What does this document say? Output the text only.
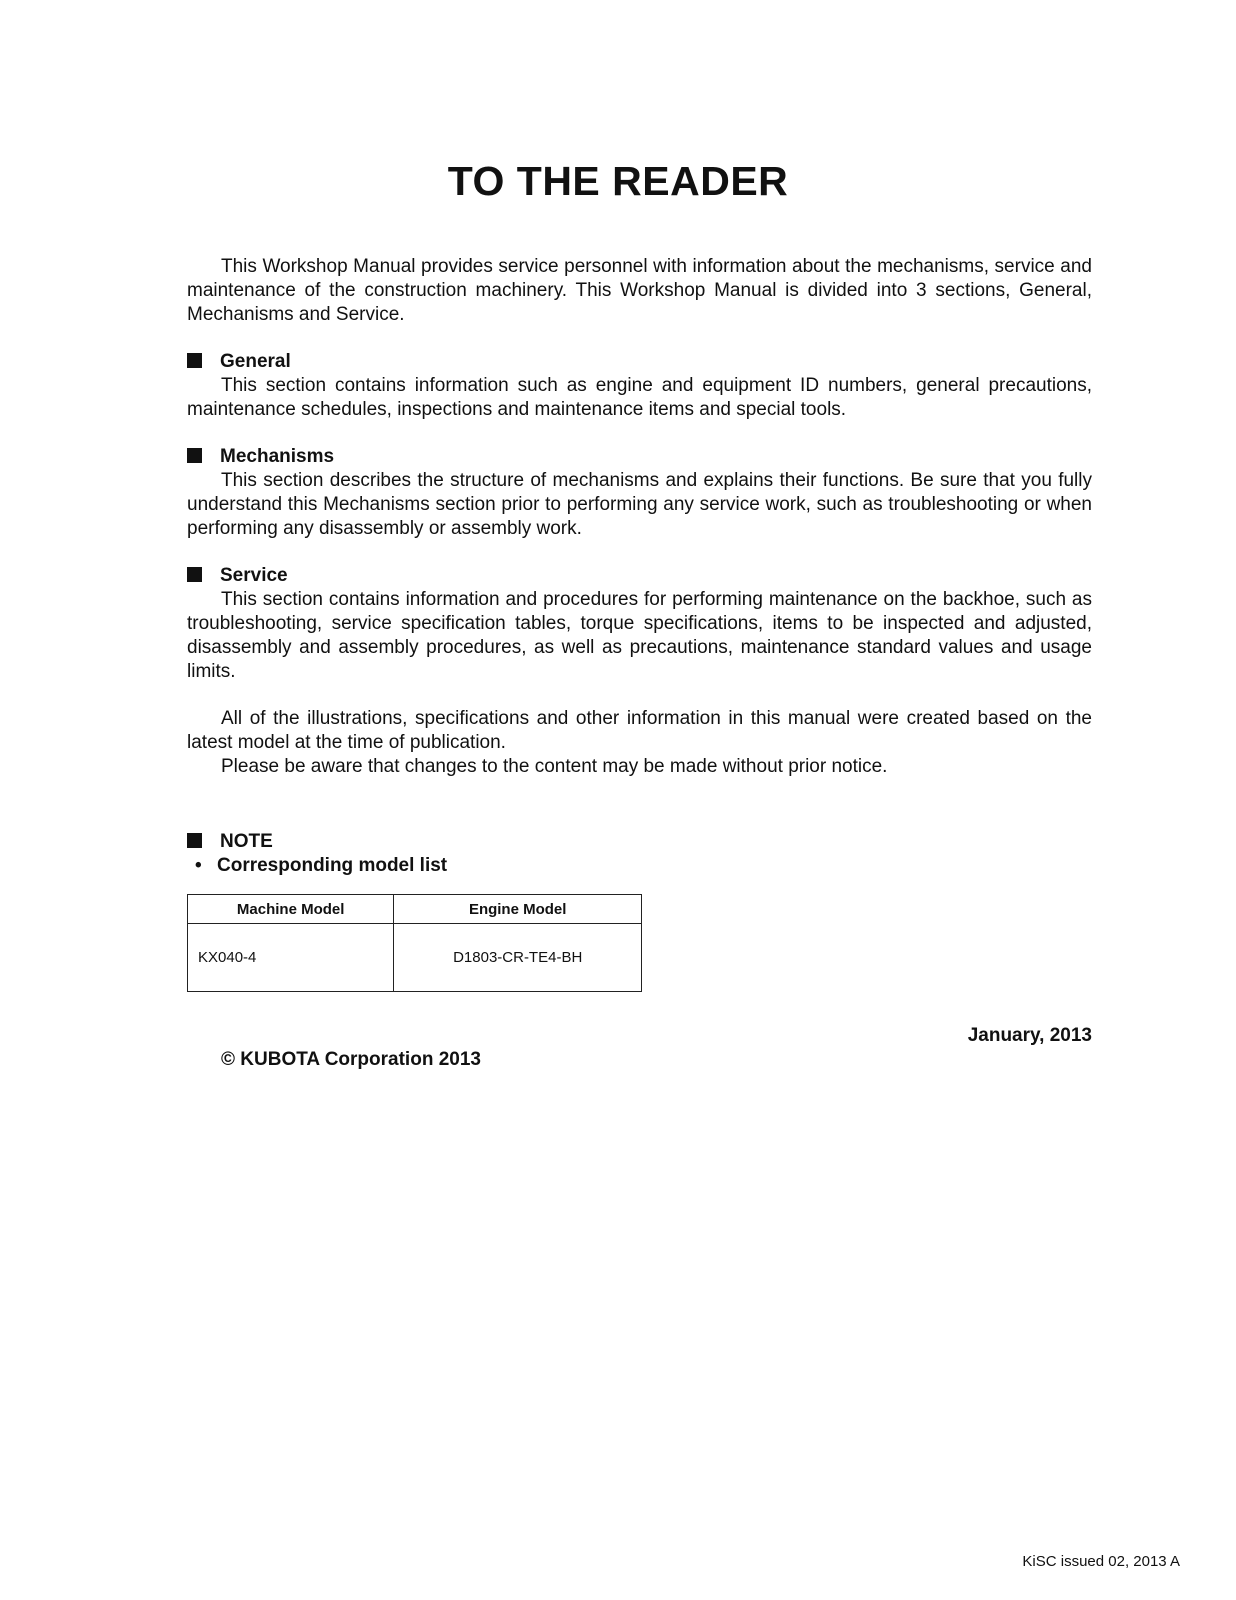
TO THE READER

This Workshop Manual provides service personnel with information about the mechanisms, service and maintenance of the construction machinery. This Workshop Manual is divided into 3 sections, General, Mechanisms and Service.

General

This section contains information such as engine and equipment ID numbers, general precautions, maintenance schedules, inspections and maintenance items and special tools.

Mechanisms

This section describes the structure of mechanisms and explains their functions. Be sure that you fully understand this Mechanisms section prior to performing any service work, such as troubleshooting or when performing any disassembly or assembly work.

Service

This section contains information and procedures for performing maintenance on the backhoe, such as troubleshooting, service specification tables, torque specifications, items to be inspected and adjusted, disassembly and assembly procedures, as well as precautions, maintenance standard values and usage limits.

All of the illustrations, specifications and other information in this manual were created based on the latest model at the time of publication.

Please be aware that changes to the content may be made without prior notice.

NOTE

• Corresponding model list

Machine Model	Engine Model
KX040-4	D1803-CR-TE4-BH

January, 2013

© KUBOTA Corporation 2013

KiSC issued 02, 2013 A
